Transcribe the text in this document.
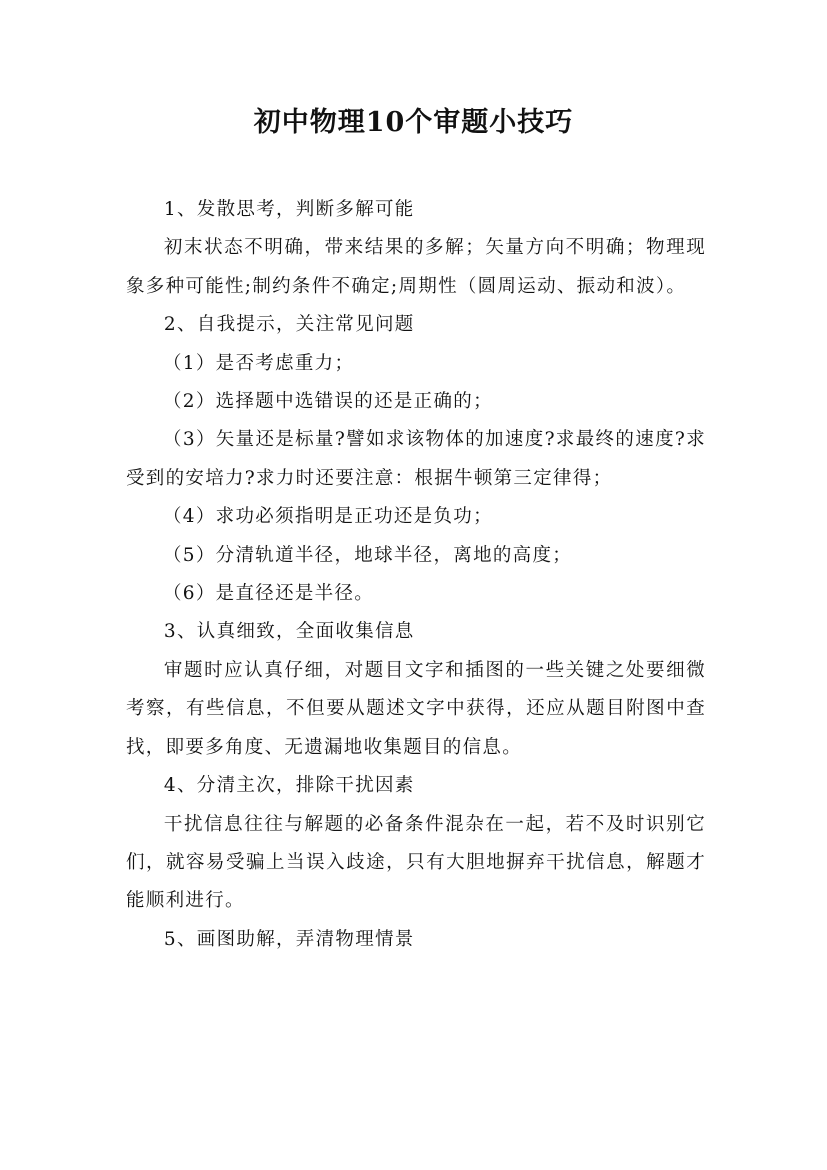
初中物理10个审题小技巧

1、发散思考，判断多解可能

初末状态不明确，带来结果的多解；矢量方向不明确；物理现象多种可能性;制约条件不确定;周期性（圆周运动、振动和波）。

2、自我提示，关注常见问题

（1）是否考虑重力；

（2）选择题中选错误的还是正确的；

（3）矢量还是标量?譬如求该物体的加速度?求最终的速度?求受到的安培力?求力时还要注意：根据牛顿第三定律得；

（4）求功必须指明是正功还是负功；

（5）分清轨道半径，地球半径，离地的高度；

（6）是直径还是半径。

3、认真细致，全面收集信息

审题时应认真仔细，对题目文字和插图的一些关键之处要细微考察，有些信息，不但要从题述文字中获得，还应从题目附图中查找，即要多角度、无遗漏地收集题目的信息。

4、分清主次，排除干扰因素

干扰信息往往与解题的必备条件混杂在一起，若不及时识别它们，就容易受骗上当误入歧途，只有大胆地摒弃干扰信息，解题才能顺利进行。

5、画图助解，弄清物理情景
